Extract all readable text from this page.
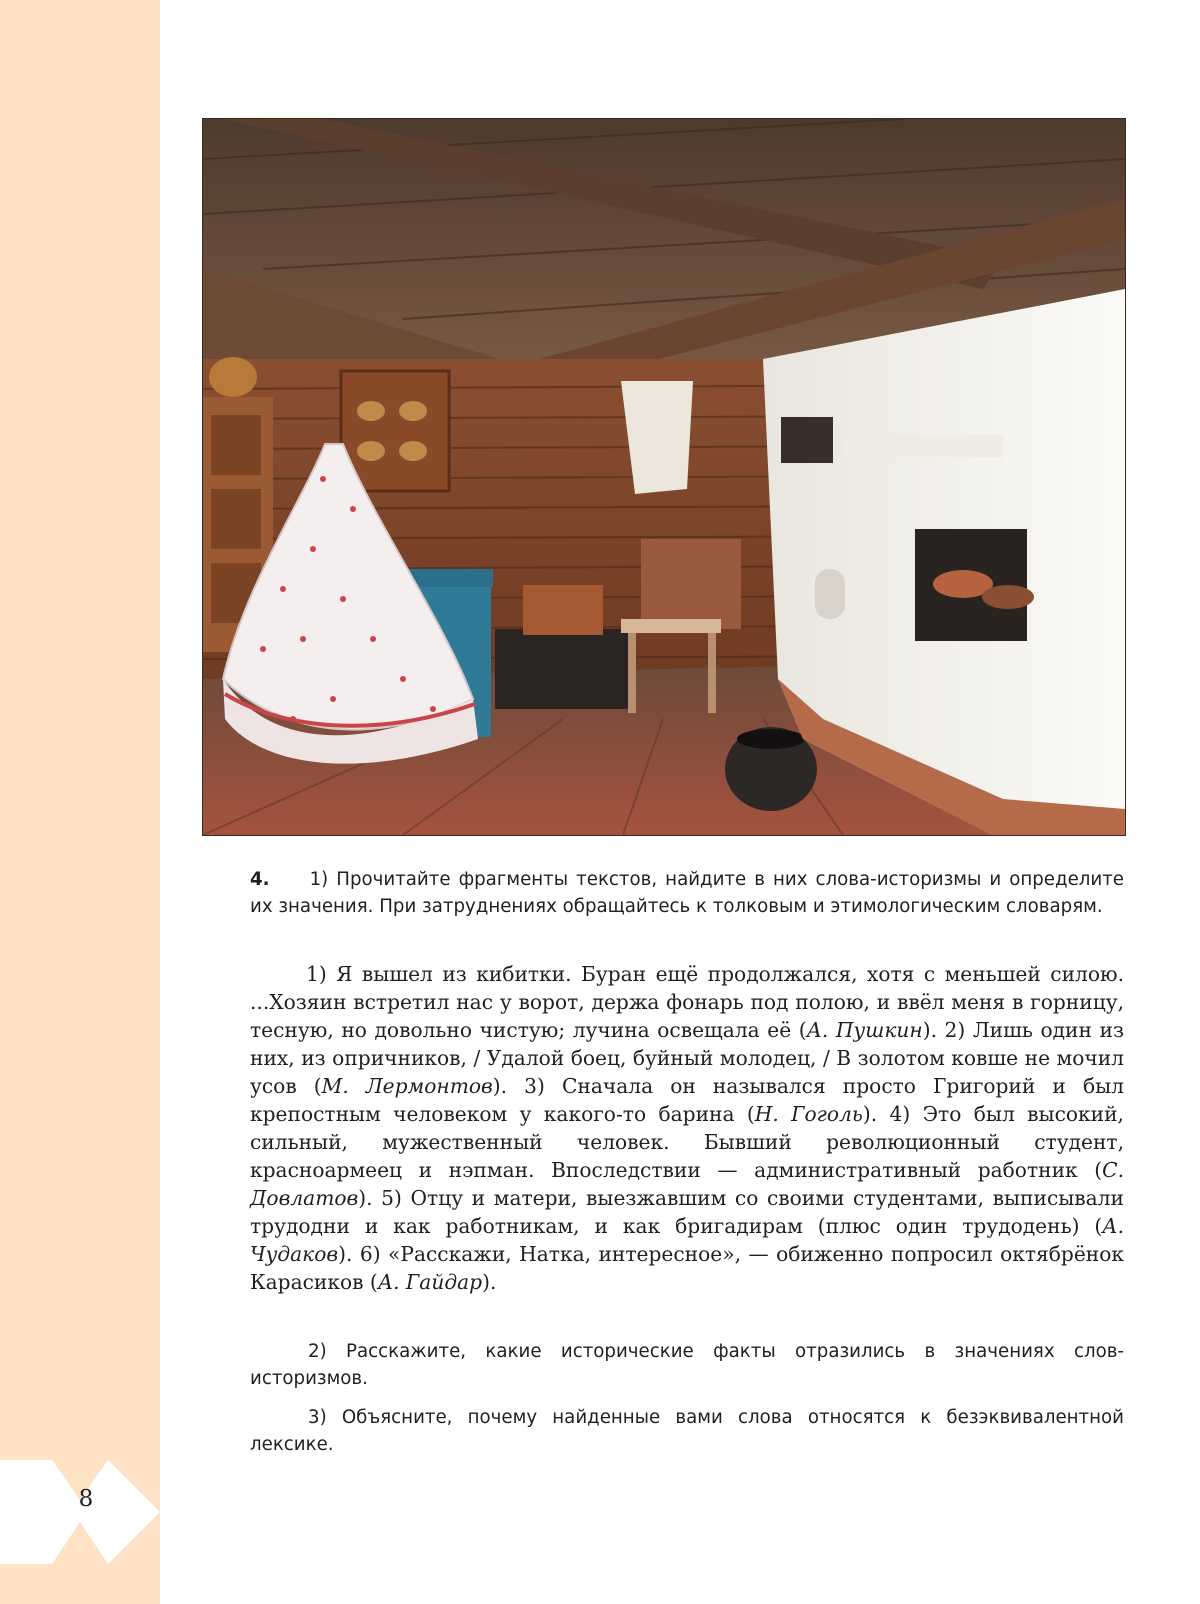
8
4. 1) Прочитайте фрагменты текстов, найдите в них слова-историзмы и определите их значения. При затруднениях обращайтесь к толковым и этимологическим словарям.
1) Я вышел из кибитки. Буран ещё продолжался, хотя с меньшей силою. ...Хозяин встретил нас у ворот, держа фонарь под полою, и ввёл меня в горницу, тесную, но довольно чистую; лучина освещала её (А. Пушкин). 2) Лишь один из них, из опричников, / Удалой боец, буйный молодец, / В золотом ковше не мочил усов (М. Лермонтов). 3) Сначала он назывался просто Григорий и был крепостным человеком у какого-то барина (Н. Гоголь). 4) Это был высокий, сильный, мужественный человек. Бывший революционный студент, красноармеец и нэпман. Впоследствии — административный работник (С. Довлатов). 5) Отцу и матери, выезжавшим со своими студентами, выписывали трудодни и как работникам, и как бригадирам (плюс один трудодень) (А. Чудаков). 6) «Расскажи, Натка, интересное», — обиженно попросил октябрёнок Карасиков (А. Гайдар).
2) Расскажите, какие исторические факты отразились в значениях слов-историзмов.
3) Объясните, почему найденные вами слова относятся к безэквивалентной лексике.
